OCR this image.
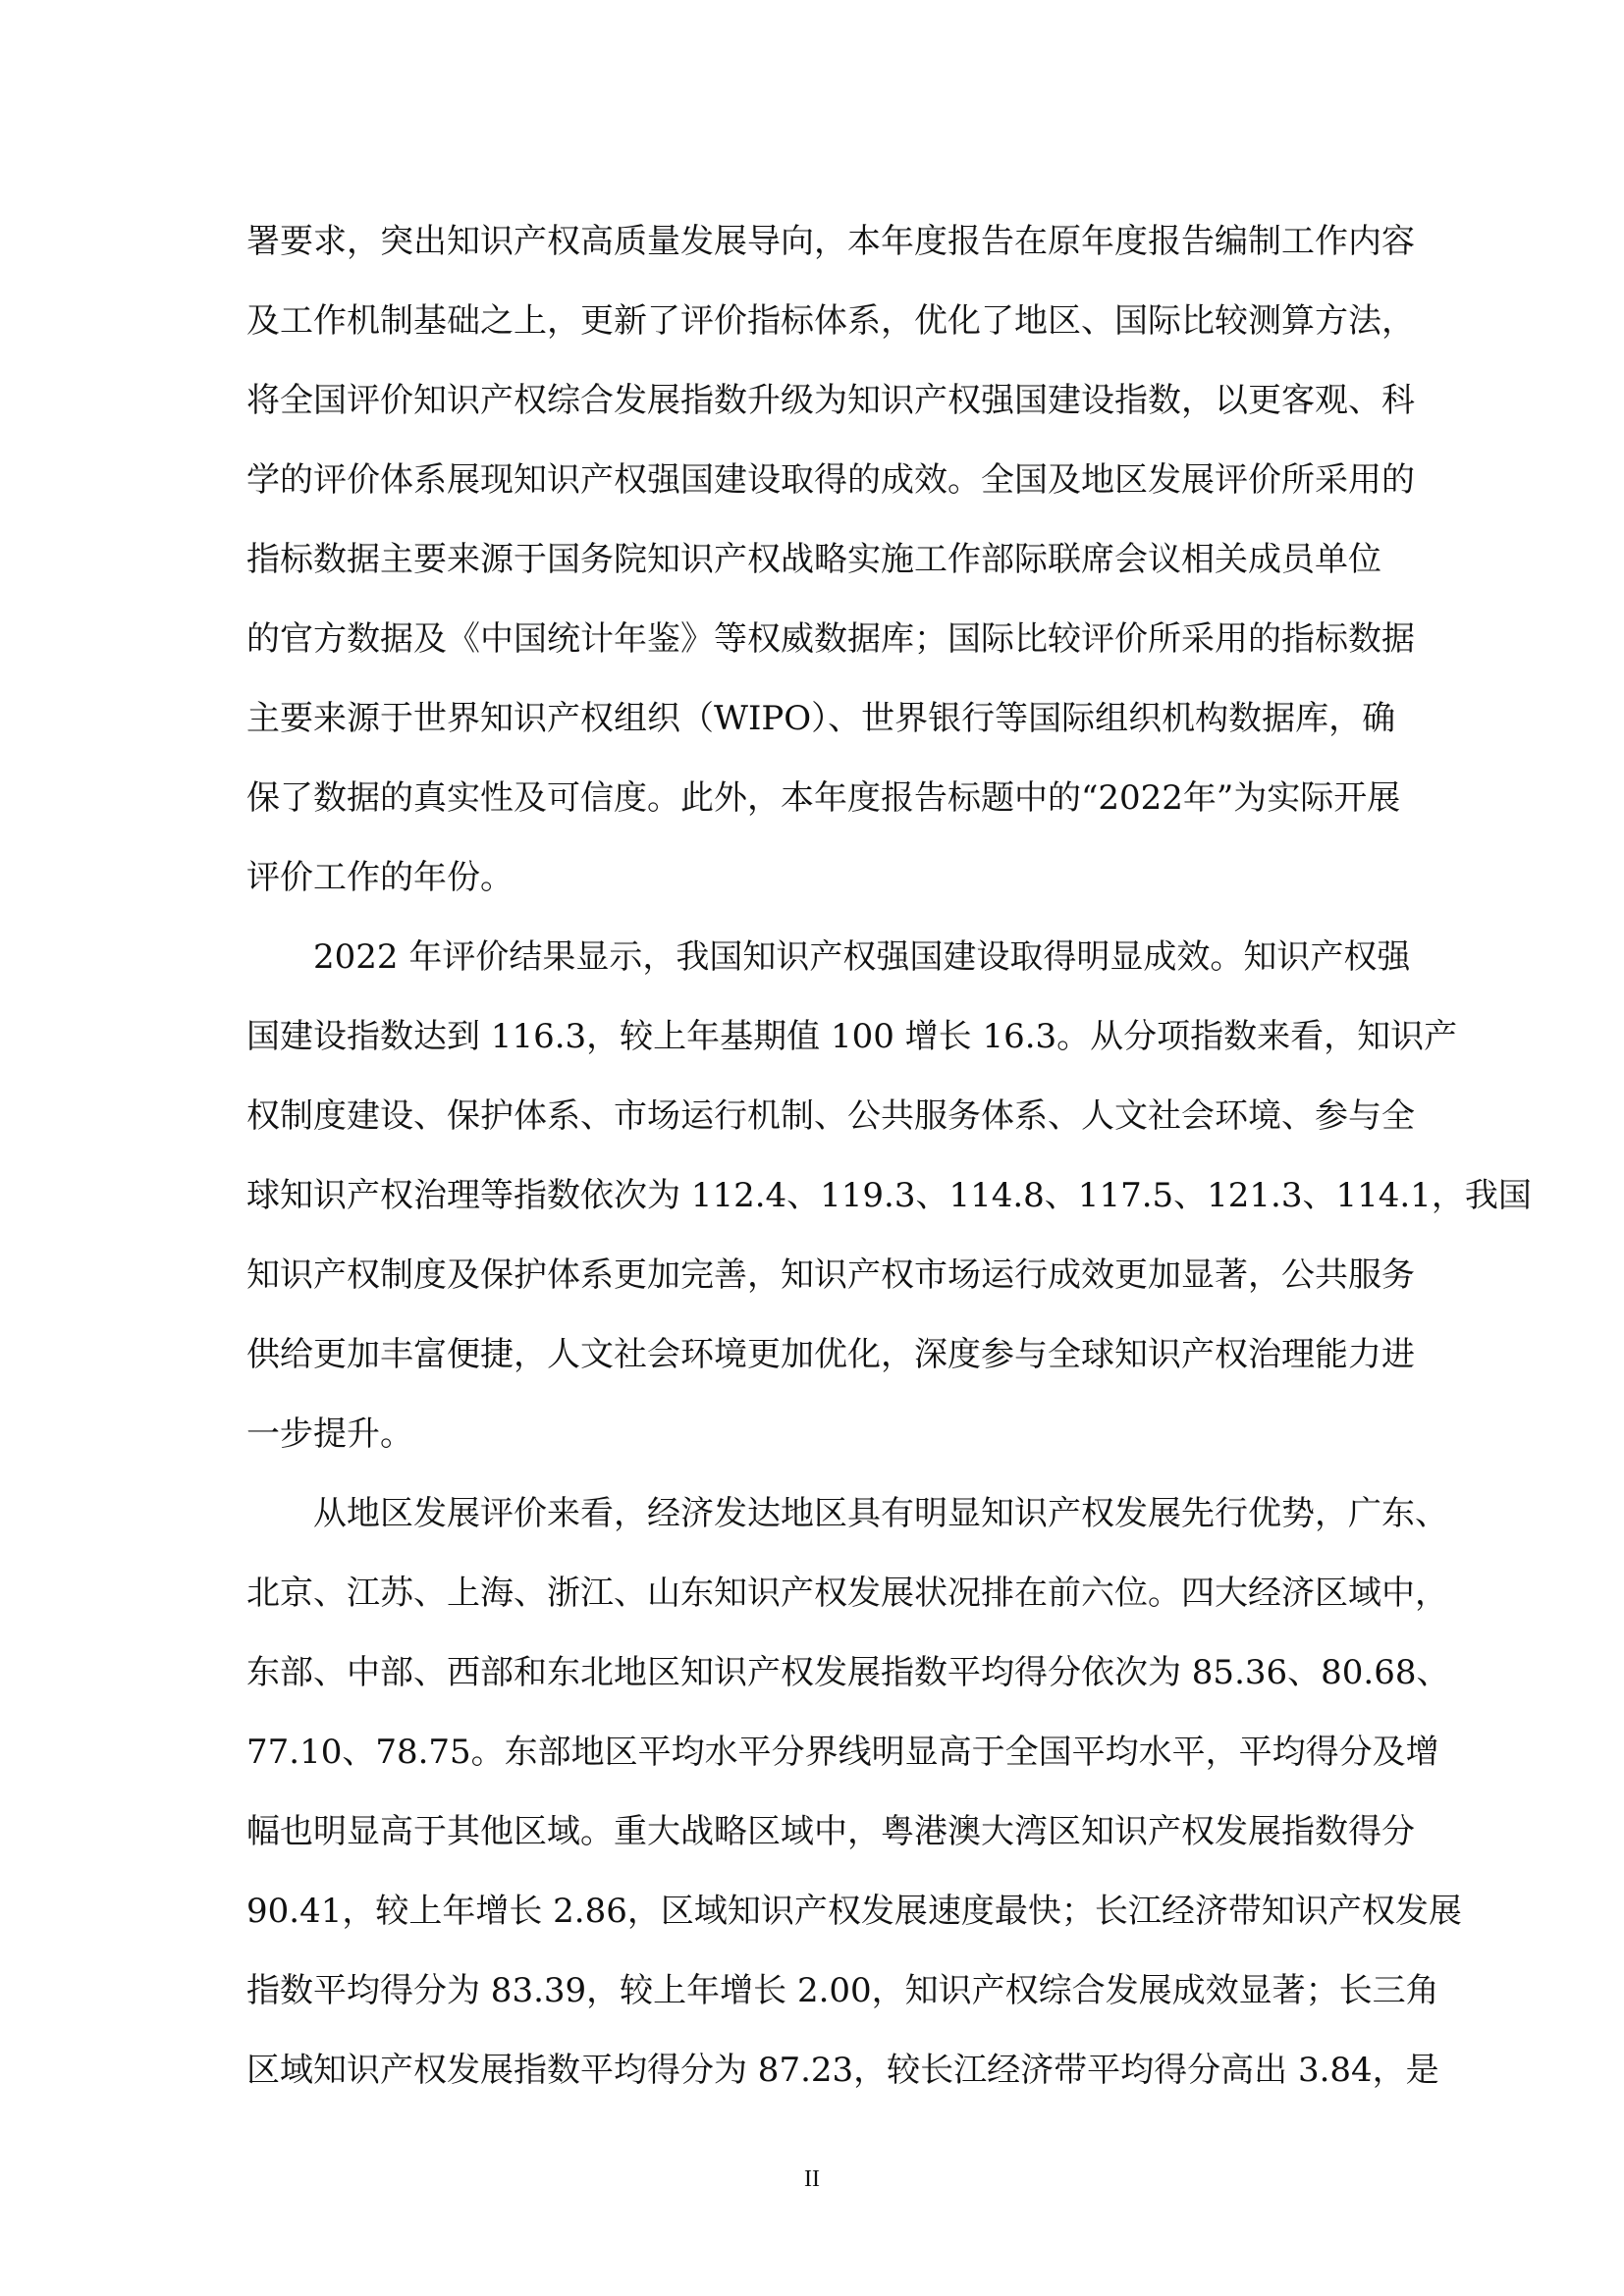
署要求，突出知识产权高质量发展导向，本年度报告在原年度报告编制工作内容
及工作机制基础之上，更新了评价指标体系，优化了地区、国际比较测算方法，
将全国评价知识产权综合发展指数升级为知识产权强国建设指数，以更客观、科
学的评价体系展现知识产权强国建设取得的成效。全国及地区发展评价所采用的
指标数据主要来源于国务院知识产权战略实施工作部际联席会议相关成员单位
的官方数据及《中国统计年鉴》等权威数据库；国际比较评价所采用的指标数据
主要来源于世界知识产权组织（WIPO）、世界银行等国际组织机构数据库，确
保了数据的真实性及可信度。此外，本年度报告标题中的“2022年”为实际开展
评价工作的年份。
2022 年评价结果显示，我国知识产权强国建设取得明显成效。知识产权强
国建设指数达到 116.3，较上年基期值 100 增长 16.3。从分项指数来看，知识产
权制度建设、保护体系、市场运行机制、公共服务体系、人文社会环境、参与全
球知识产权治理等指数依次为 112.4、119.3、114.8、117.5、121.3、114.1，我国
知识产权制度及保护体系更加完善，知识产权市场运行成效更加显著，公共服务
供给更加丰富便捷，人文社会环境更加优化，深度参与全球知识产权治理能力进
一步提升。
从地区发展评价来看，经济发达地区具有明显知识产权发展先行优势，广东、
北京、江苏、上海、浙江、山东知识产权发展状况排在前六位。四大经济区域中，
东部、中部、西部和东北地区知识产权发展指数平均得分依次为 85.36、80.68、
77.10、78.75。东部地区平均水平分界线明显高于全国平均水平，平均得分及增
幅也明显高于其他区域。重大战略区域中，粤港澳大湾区知识产权发展指数得分
90.41，较上年增长 2.86，区域知识产权发展速度最快；长江经济带知识产权发展
指数平均得分为 83.39，较上年增长 2.00，知识产权综合发展成效显著；长三角
区域知识产权发展指数平均得分为 87.23，较长江经济带平均得分高出 3.84，是
II
